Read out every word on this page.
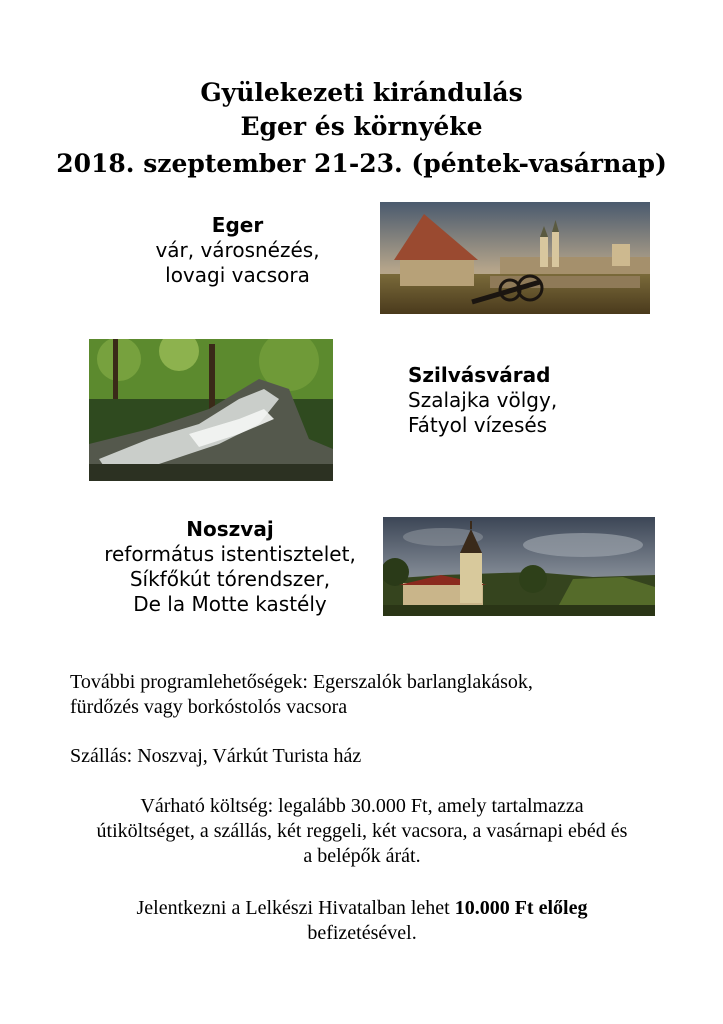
Gyülekezeti kirándulás
Eger és környéke
2018. szeptember 21-23. (péntek-vasárnap)
Eger
vár, városnézés,
lovagi vacsora
Szilvásvárad
Szalajka völgy,
Fátyol vízesés
Noszvaj
református istentisztelet,
Síkfőkút tórendszer,
De la Motte kastély
További programlehetőségek: Egerszalók barlanglakások,
fürdőzés vagy borkóstolós vacsora
Szállás: Noszvaj, Várkút Turista ház
Várható költség: legalább 30.000 Ft, amely tartalmazza
útiköltséget, a szállás, két reggeli, két vacsora, a vasárnapi ebéd és
a belépők árát.
Jelentkezni a Lelkészi Hivatalban lehet 10.000 Ft előleg
befizetésével.
